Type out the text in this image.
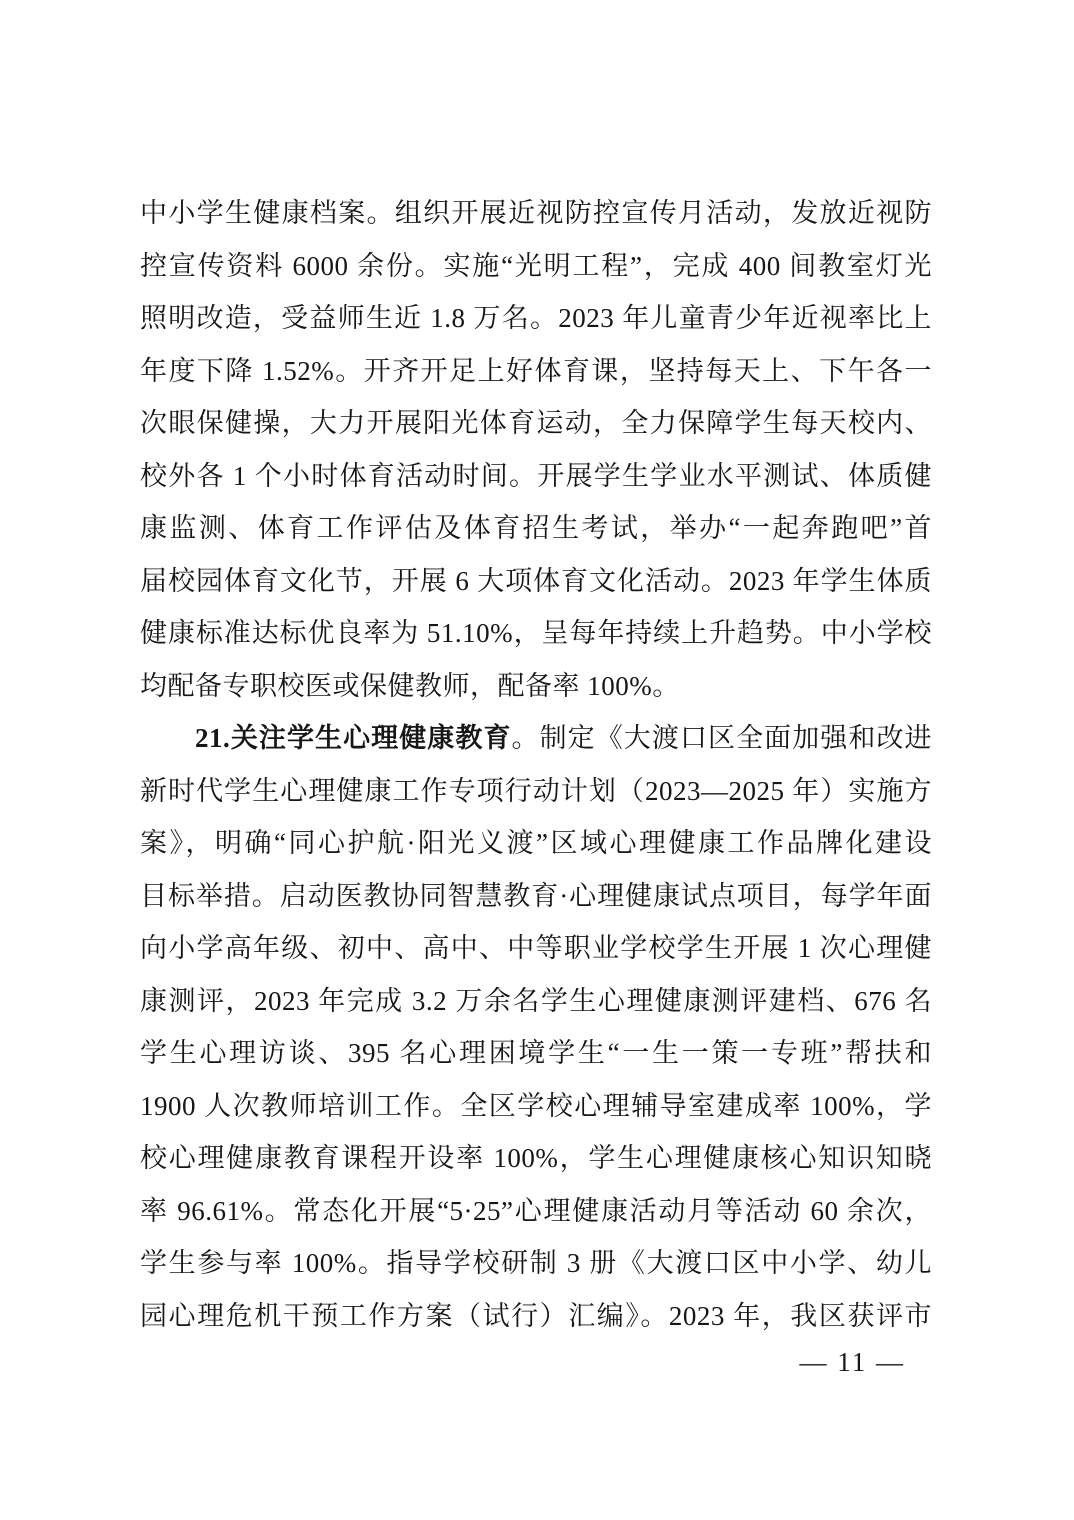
中小学生健康档案。组织开展近视防控宣传月活动，发放近视防
控宣传资料 6000 余份。实施“光明工程”，完成 400 间教室灯光
照明改造，受益师生近 1.8 万名。2023 年儿童青少年近视率比上
年度下降 1.52%。开齐开足上好体育课，坚持每天上、下午各一
次眼保健操，大力开展阳光体育运动，全力保障学生每天校内、
校外各 1 个小时体育活动时间。开展学生学业水平测试、体质健
康监测、体育工作评估及体育招生考试，举办“一起奔跑吧”首
届校园体育文化节，开展 6 大项体育文化活动。2023 年学生体质
健康标准达标优良率为 51.10%，呈每年持续上升趋势。中小学校
均配备专职校医或保健教师，配备率 100%。
21.关注学生心理健康教育。制定《大渡口区全面加强和改进
新时代学生心理健康工作专项行动计划（2023—2025 年）实施方
案》，明确“同心护航·阳光义渡”区域心理健康工作品牌化建设
目标举措。启动医教协同智慧教育·心理健康试点项目，每学年面
向小学高年级、初中、高中、中等职业学校学生开展 1 次心理健
康测评，2023 年完成 3.2 万余名学生心理健康测评建档、676 名
学生心理访谈、395 名心理困境学生“一生一策一专班”帮扶和
1900 人次教师培训工作。全区学校心理辅导室建成率 100%，学
校心理健康教育课程开设率 100%，学生心理健康核心知识知晓
率 96.61%。常态化开展“5·25”心理健康活动月等活动 60 余次，
学生参与率 100%。指导学校研制 3 册《大渡口区中小学、幼儿
园心理危机干预工作方案（试行）汇编》。2023 年，我区获评市
— 11 —
